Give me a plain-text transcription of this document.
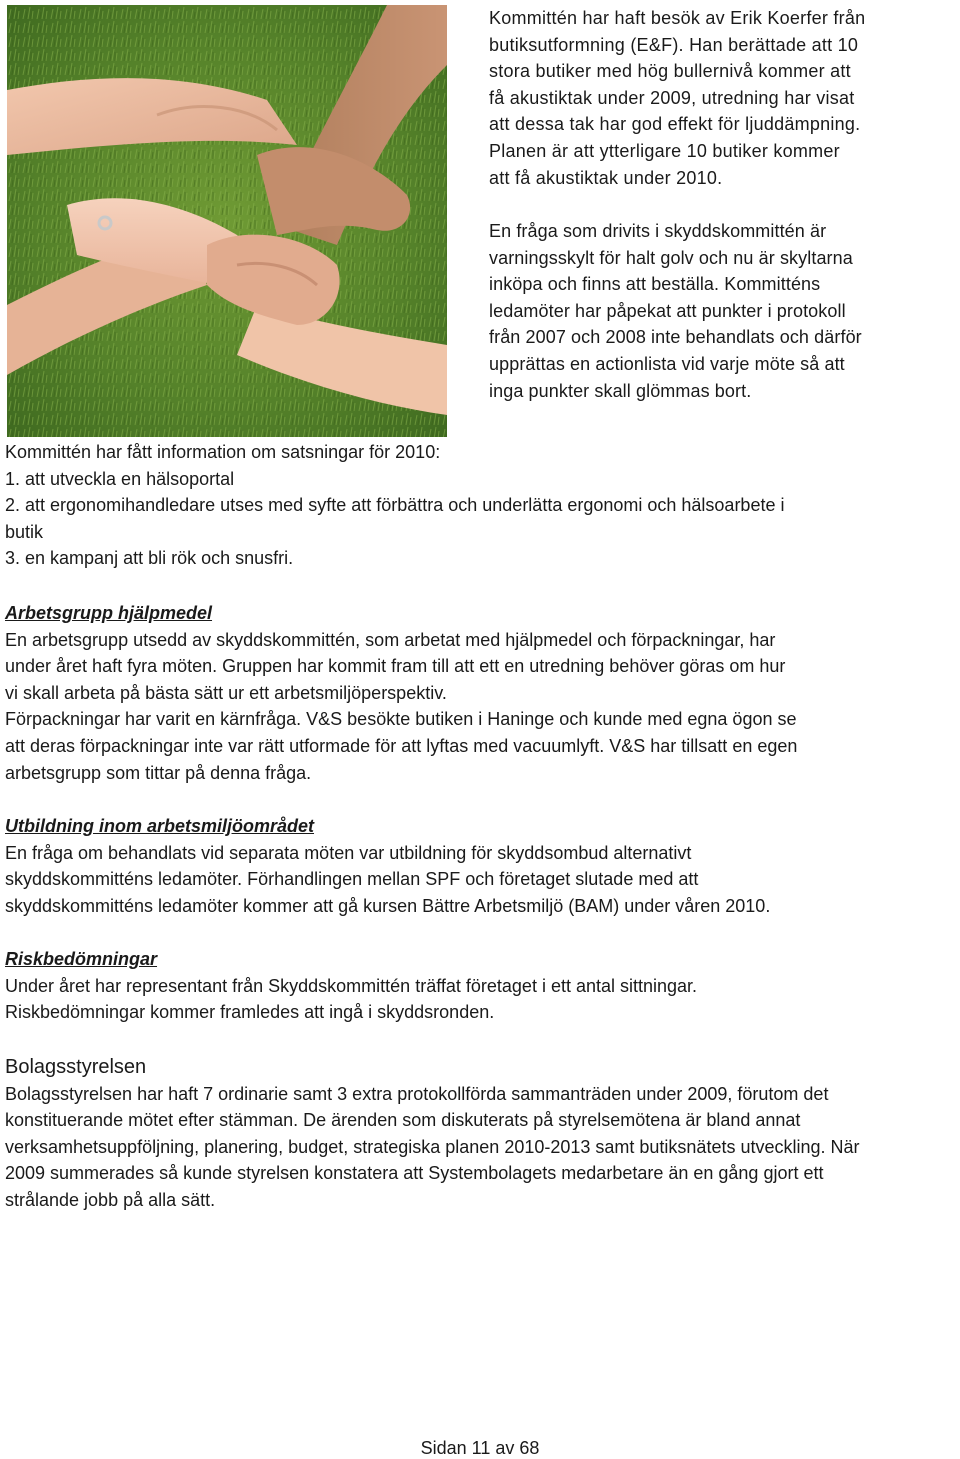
Kommittén har haft besök av Erik Koerfer från
butiksutformning (E&F). Han berättade att 10
stora butiker med hög bullernivå kommer att
få akustiktak under 2009, utredning har visat
att dessa tak har god effekt för ljuddämpning.
Planen är att ytterligare 10 butiker kommer
att få akustiktak under 2010.
En fråga som drivits i skyddskommittén är
varningsskylt för halt golv och nu är skyltarna
inköpa och finns att beställa. Kommitténs
ledamöter har påpekat att punkter i protokoll
från 2007 och 2008 inte behandlats och därför
upprättas en actionlista vid varje möte så att
inga punkter skall glömmas bort.
Kommittén har fått information om satsningar för 2010:
1. att utveckla en hälsoportal
2. att ergonomihandledare utses med syfte att förbättra och underlätta ergonomi och hälsoarbete i
butik
3. en kampanj att bli rök och snusfri.
Arbetsgrupp hjälpmedel
En arbetsgrupp utsedd av skyddskommittén, som arbetat med hjälpmedel och förpackningar, har
under året haft fyra möten. Gruppen har kommit fram till att ett en utredning behöver göras om hur
vi skall arbeta på bästa sätt ur ett arbetsmiljöperspektiv.
Förpackningar har varit en kärnfråga. V&S besökte butiken i Haninge och kunde med egna ögon se
att deras förpackningar inte var rätt utformade för att lyftas med vacuumlyft. V&S har tillsatt en egen
arbetsgrupp som tittar på denna fråga.
Utbildning inom arbetsmiljöområdet
En fråga om behandlats vid separata möten var utbildning för skyddsombud alternativt
skyddskommitténs ledamöter. Förhandlingen mellan SPF och företaget slutade med att
skyddskommitténs ledamöter kommer att gå kursen Bättre Arbetsmiljö (BAM) under våren 2010.
Riskbedömningar
Under året har representant från Skyddskommittén träffat företaget i ett antal sittningar.
Riskbedömningar kommer framledes att ingå i skyddsronden.
Bolagsstyrelsen
Bolagsstyrelsen har haft 7 ordinarie samt 3 extra protokollförda sammanträden under 2009, förutom det
konstituerande mötet efter stämman. De ärenden som diskuterats på styrelsemötena är bland annat
verksamhetsuppföljning, planering, budget, strategiska planen 2010-2013 samt butiksnätets utveckling. När
2009 summerades så kunde styrelsen konstatera att Systembolagets medarbetare än en gång gjort ett
strålande jobb på alla sätt.
Sidan 11 av 68
